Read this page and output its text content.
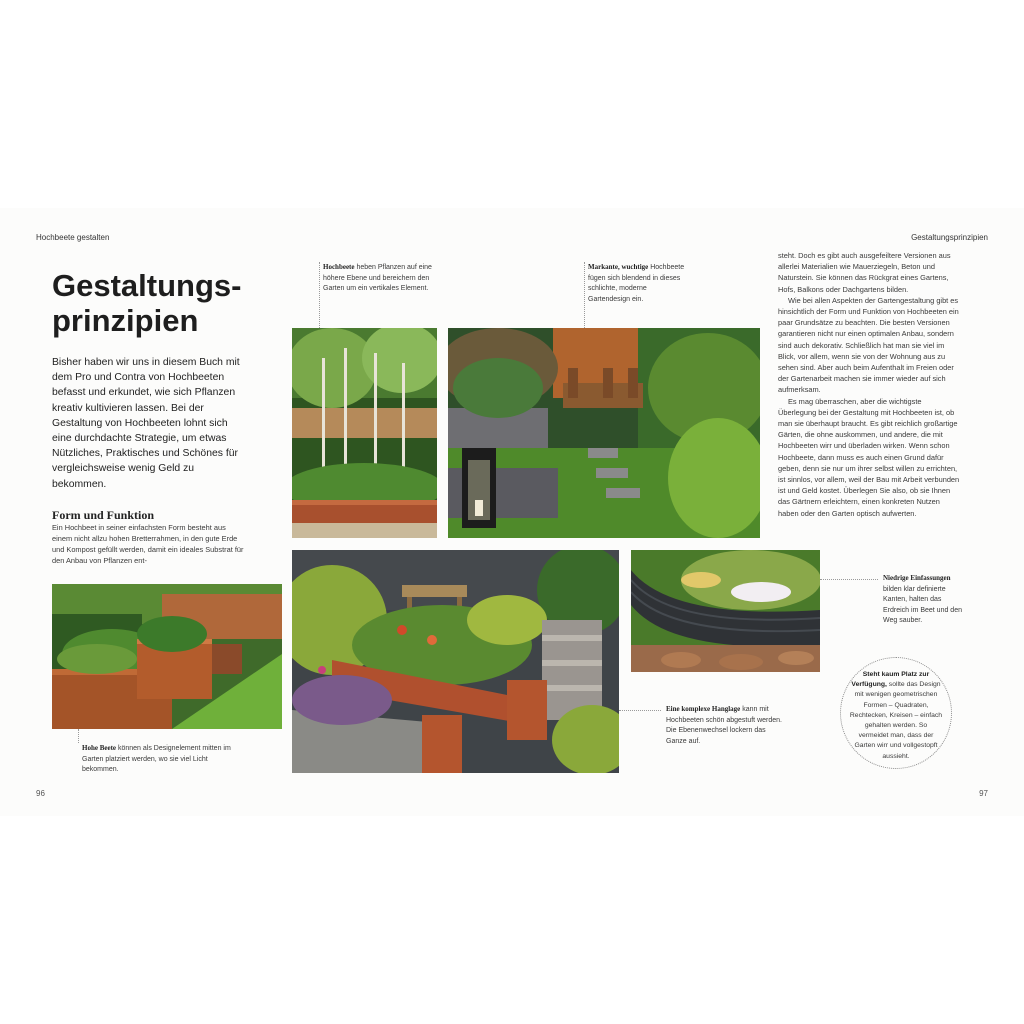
Hochbeete gestalten	Gestaltungsprinzipien
Gestaltungs-
prinzipien

Bisher haben wir uns in diesem Buch mit dem Pro und Contra von Hochbeeten befasst und erkundet, wie sich Pflanzen kreativ kultivieren lassen. Bei der Gestaltung von Hochbeeten lohnt sich eine durchdachte Strategie, um etwas Nützliches, Praktisches und Schönes für vergleichsweise wenig Geld zu bekommen.

Form und Funktion

Ein Hochbeet in seiner einfachsten Form besteht aus einem nicht allzu hohen Bretterrahmen, in den gute Erde und Kompost gefüllt werden, damit ein ideales Substrat für den Anbau von Pflanzen ent-

Hohe Beete können als Designelement mitten im Garten platziert werden, wo sie viel Licht bekommen.

Hochbeete heben Pflanzen auf eine höhere Ebene und bereichern den Garten um ein vertikales Element.

Markante, wuchtige Hochbeete fügen sich blendend in dieses schlichte, moderne Gartendesign ein.

steht. Doch es gibt auch ausgefeiltere Versionen aus allerlei Materialien wie Mauerziegeln, Beton und Naturstein. Sie können das Rückgrat eines Gartens, Hofs, Balkons oder Dachgartens bilden.
Wie bei allen Aspekten der Gartengestaltung gibt es hinsichtlich der Form und Funktion von Hochbeeten ein paar Grundsätze zu beachten. Die besten Versionen garantieren nicht nur einen optimalen Anbau, sondern sind auch dekorativ. Schließlich hat man sie viel im Blick, vor allem, wenn sie von der Wohnung aus zu sehen sind. Aber auch beim Aufenthalt im Freien oder der Gartenarbeit machen sie immer wieder auf sich aufmerksam.
Es mag überraschen, aber die wichtigste Überlegung bei der Gestaltung mit Hochbeeten ist, ob man sie überhaupt braucht. Es gibt reichlich großartige Gärten, die ohne auskommen, und andere, die mit Hochbeeten wirr und überladen wirken. Wenn schon Hochbeete, dann muss es auch einen Grund dafür geben, denn sie nur um ihrer selbst willen zu errichten, ist sinnlos, vor allem, weil der Bau mit Arbeit verbunden ist und Geld kostet. Überlegen Sie also, ob sie Ihnen das Gärtnern erleichtern, einen konkreten Nutzen haben oder den Garten optisch aufwerten.

Eine komplexe Hanglage kann mit Hochbeeten schön abgestuft werden. Die Ebenenwechsel lockern das Ganze auf.

Niedrige Einfassungen bilden klar definierte Kanten, halten das Erdreich im Beet und den Weg sauber.

Steht kaum Platz zur Verfügung, sollte das Design mit wenigen geometrischen Formen – Quadraten, Rechtecken, Kreisen – einfach gehalten werden. So vermeidet man, dass der Garten wirr und vollgestopft aussieht.
96	97
